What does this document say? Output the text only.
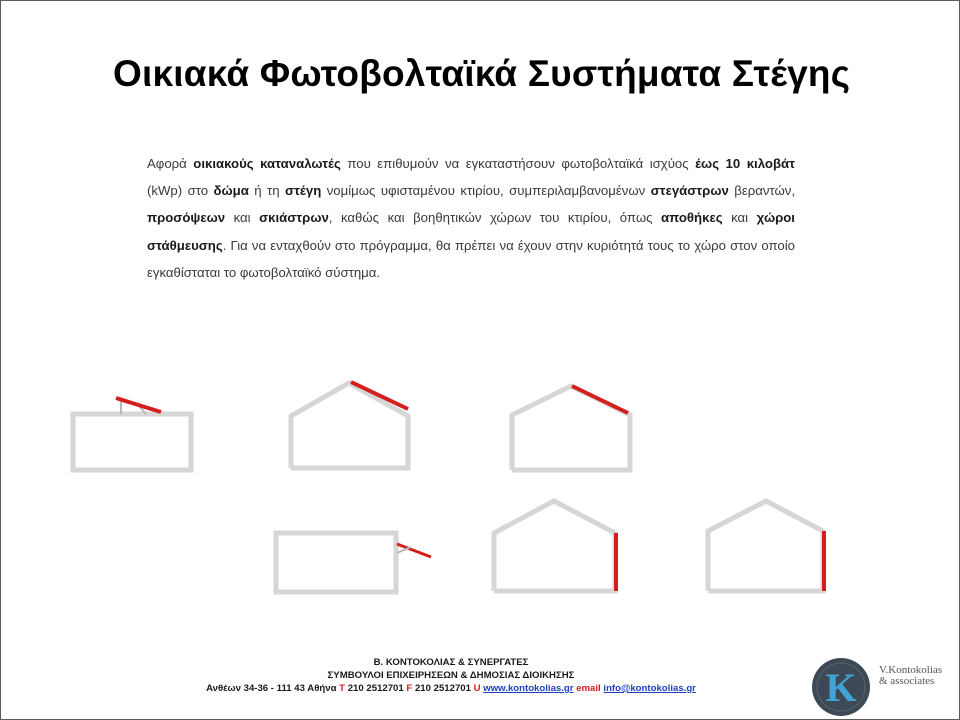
Οικιακά Φωτοβολταϊκά Συστήματα Στέγης

Αφορά οικιακούς καταναλωτές που επιθυμούν να εγκαταστήσουν φωτοβολταϊκά ισχύος έως 10 κιλοβάτ (kWp) στο δώμα ή τη στέγη νομίμως υφισταμένου κτιρίου, συμπεριλαμβανομένων στεγάστρων βεραντών, προσόψεων και σκιάστρων, καθώς και βοηθητικών χώρων του κτιρίου, όπως αποθήκες και χώροι στάθμευσης. Για να ενταχθούν στο πρόγραμμα, θα πρέπει να έχουν στην κυριότητά τους το χώρο στον οποίο εγκαθίσταται το φωτοβολταϊκό σύστημα.

Β. ΚΟΝΤΟΚΟΛΙΑΣ & ΣΥΝΕΡΓΑΤΕΣ
ΣΥΜΒΟΥΛΟΙ ΕΠΙΧΕΙΡΗΣΕΩΝ & ΔΗΜΟΣΙΑΣ ΔΙΟΙΚΗΣΗΣ
Ανθέων 34-36 - 111 43 Αθήνα T 210 2512701 F 210 2512701 U www.kontokolias.gr email info@kontokolias.gr	K V.Kontokolias
& associates
